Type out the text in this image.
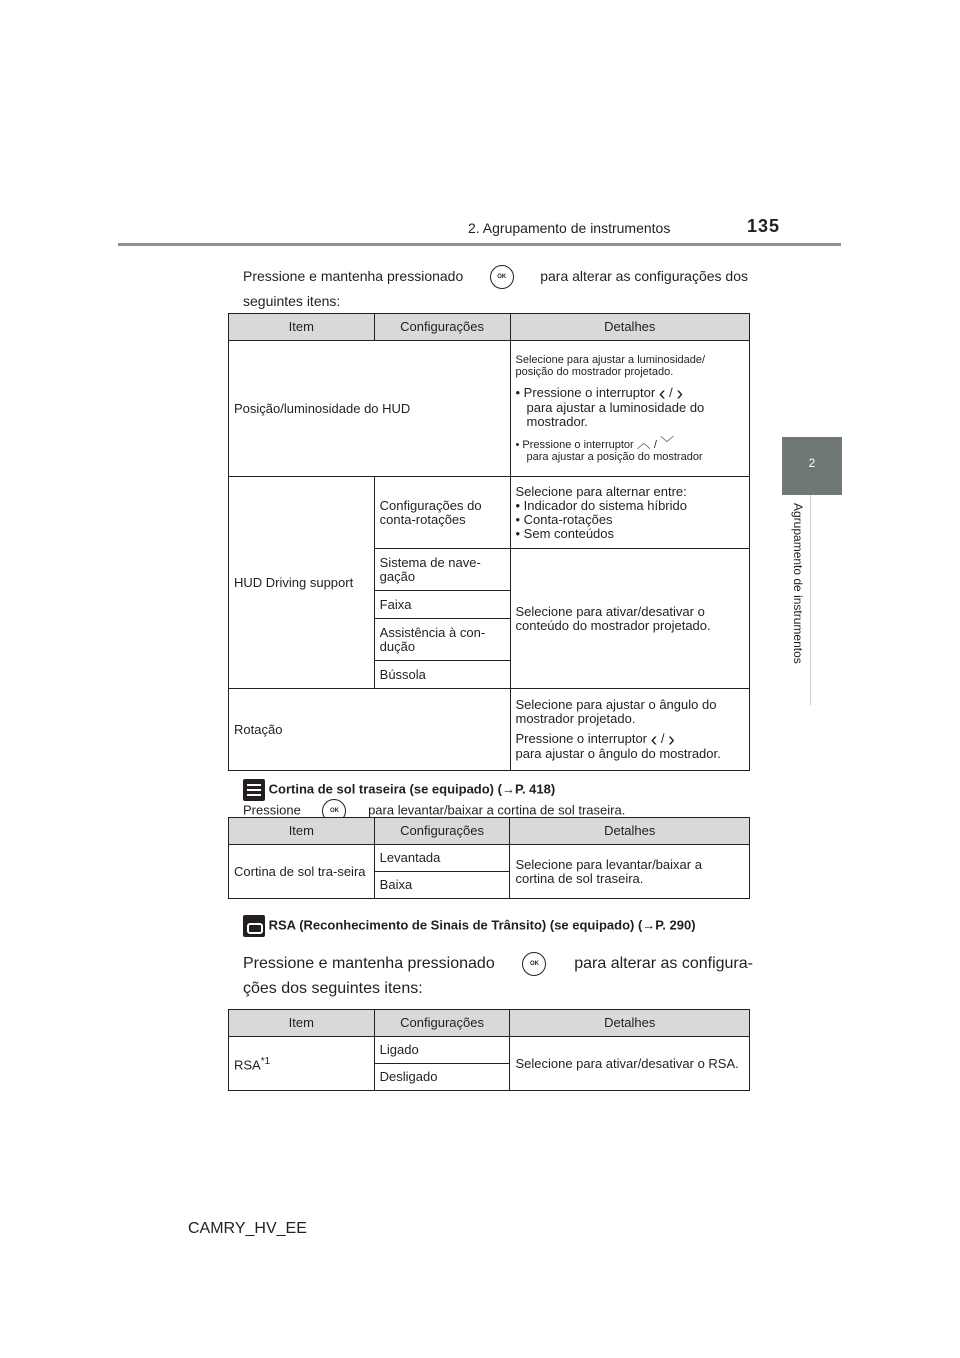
2. Agrupamento de instrumentos	135
2
Agrupamento de instrumentos
Pressione e mantenha pressionado	OK	para alterar as configurações dos
seguintes itens:
Item	Configurações	Detalhes
Posição/luminosidade do HUD		Selecione para ajustar a luminosidade/ posição do mostrador projetado.
• Pressione o interruptor ‹ / ›
para ajustar a luminosidade do mostrador.
• Pressione o interruptor ︿ / ﹀
para ajustar a posição do mostrador

HUD Driving support	Configurações do conta-rotações	Selecione para alternar entre:
• Indicador do sistema híbrido
• Conta-rotações
• Sem conteúdos

	Sistema de nave-gação	Selecione para ativar/desativar o conteúdo do mostrador projetado.
	Faixa	
	Assistência à con-dução	
	Bússola	
Rotação		Selecione para ajustar o ângulo do mostrador projetado.
Pressione o interruptor ‹ / ›
para ajustar o ângulo do mostrador.
Cortina de sol traseira (se equipado) (→P. 418)
Pressione	OK para levantar/baixar a cortina de sol traseira.
Item	Configurações	Detalhes
Cortina de sol tra-seira	Levantada	Selecione para levantar/baixar a cortina de sol traseira.
	Baixa	
RSA (Reconhecimento de Sinais de Trânsito) (se equipado) (→P. 290)
Pressione e mantenha pressionado	OK	para alterar as configura-
ções dos seguintes itens:
Item	Configurações	Detalhes
RSA$^{*1}$	Ligado	Selecione para ativar/desativar o RSA.
	Desligado	
CAMRY_HV_EE
